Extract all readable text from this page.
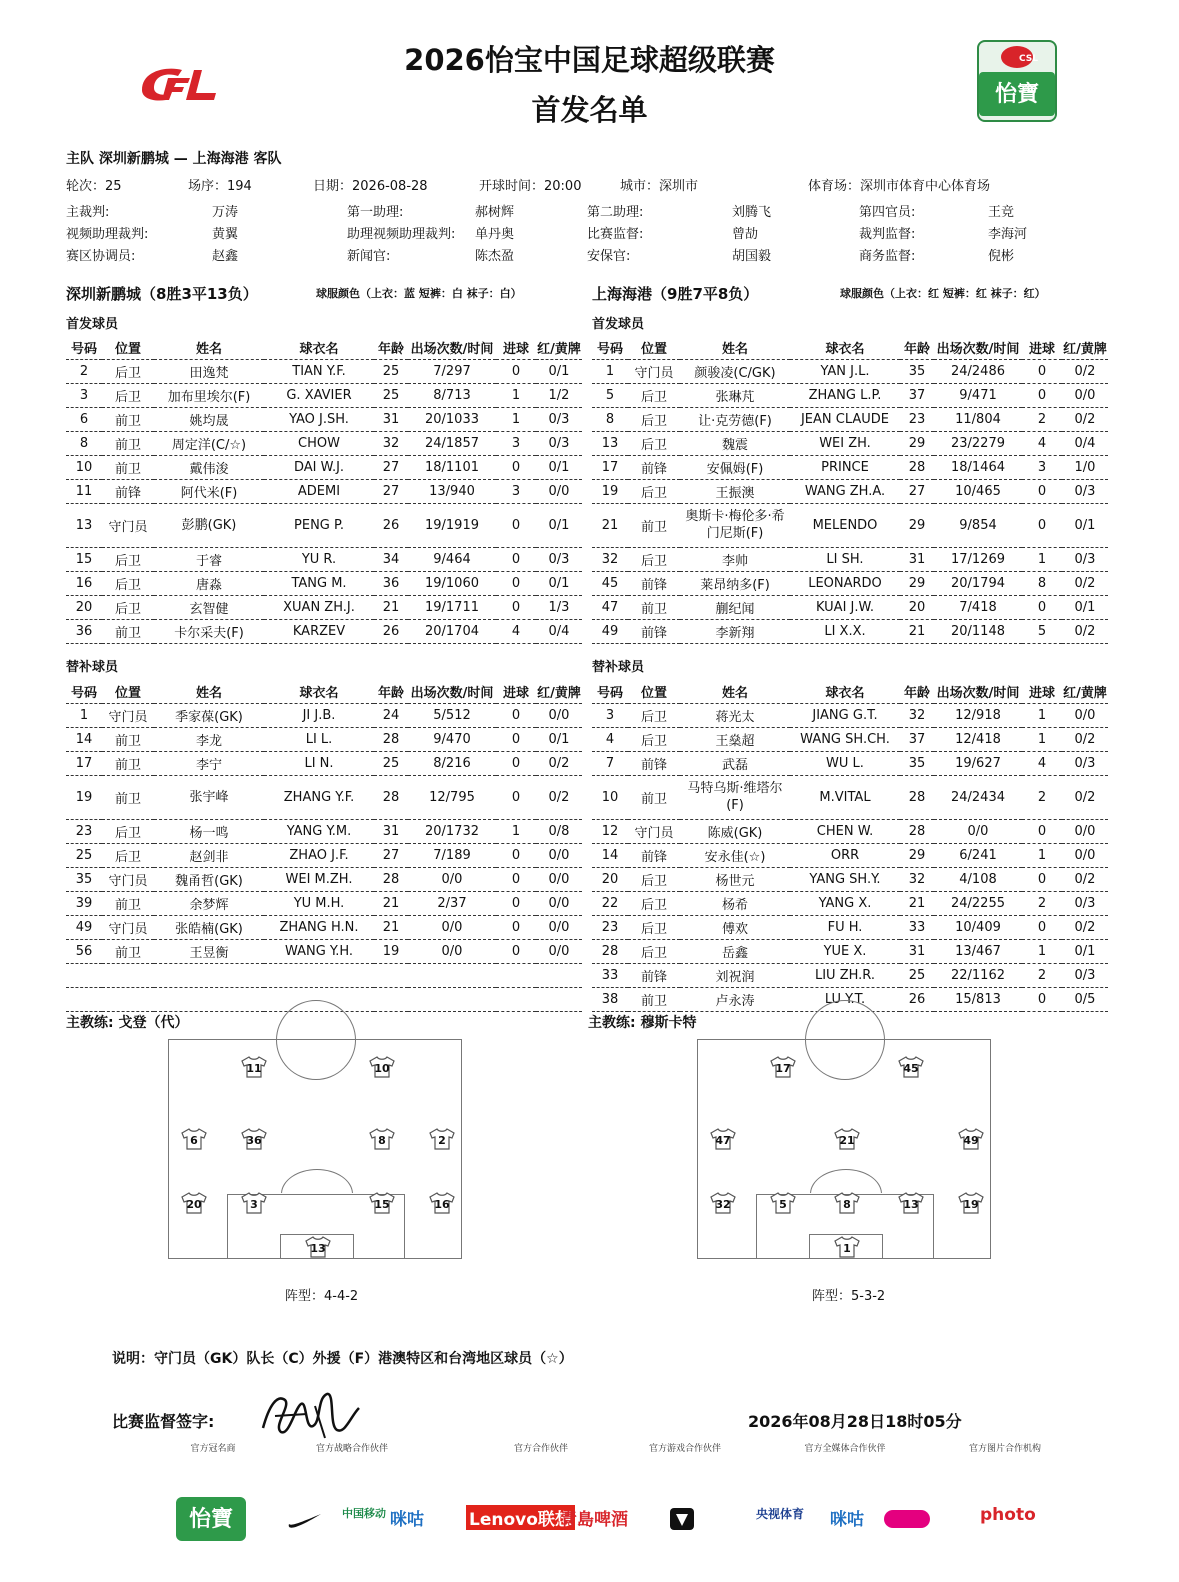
2026怡宝中国足球超级联赛
首发名单
CSL
怡寶
主队 深圳新鹏城 — 上海海港 客队
轮次：25	场序：194	日期：2026-08-28	开球时间：20:00	城市：深圳市	体育场：深圳市体育中心体育场
主裁判:	万涛	第一助理:	郝树辉	第二助理:	刘腾飞	第四官员:	王竞
视频助理裁判:	黄翼	助理视频助理裁判: 单丹奥	比赛监督:	曾劼	裁判监督:	李海河
赛区协调员:	赵鑫	新闻官:	陈杰盈	安保官:	胡国毅	商务监督:	倪彬
深圳新鹏城（8胜3平13负）	球服颜色（上衣：蓝 短裤：白 袜子：白）	上海海港（9胜7平8负）	球服颜色（上衣：红 短裤：红 袜子：红）
首发球员	首发球员
号码	位置	姓名	球衣名	年龄	出场次数/时间	进球	红/黄牌
2	后卫	田逸梵	TIAN Y.F.	25	7/297	0	0/1
3	后卫	加布里埃尔(F)	G. XAVIER	25	8/713	1	1/2
6	前卫	姚均晟	YAO J.SH.	31	20/1033	1	0/3
8	前卫	周定洋(C/☆)	CHOW	32	24/1857	3	0/3
10	前卫	戴伟浚	DAI W.J.	27	18/1101	0	0/1
11	前锋	阿代米(F)	ADEMI	27	13/940	3	0/0
13	守门员	彭鹏(GK)	PENG P.	26	19/1919	0	0/1
15	后卫	于睿	YU R.	34	9/464	0	0/3
16	后卫	唐淼	TANG M.	36	19/1060	0	0/1
20	后卫	玄智健	XUAN ZH.J.	21	19/1711	0	1/3
36	前卫	卡尔采夫(F)	KARZEV	26	20/1704	4	0/4
号码	位置	姓名	球衣名	年龄	出场次数/时间	进球	红/黄牌
1	守门员	颜骏凌(C/GK)	YAN J.L.	35	24/2486	0	0/2
5	后卫	张琳芃	ZHANG L.P.	37	9/471	0	0/0
8	后卫	让·克劳德(F)	JEAN CLAUDE	23	11/804	2	0/2
13	后卫	魏震	WEI ZH.	29	23/2279	4	0/4
17	前锋	安佩姆(F)	PRINCE	28	18/1464	3	1/0
19	后卫	王振澳	WANG ZH.A.	27	10/465	0	0/3
21	前卫	奥斯卡·梅伦多·希门尼斯(F)	MELENDO	29	9/854	0	0/1
32	后卫	李帅	LI SH.	31	17/1269	1	0/3
45	前锋	莱昂纳多(F)	LEONARDO	29	20/1794	8	0/2
47	前卫	蒯纪闻	KUAI J.W.	20	7/418	0	0/1
49	前锋	李新翔	LI X.X.	21	20/1148	5	0/2
替补球员	替补球员
号码	位置	姓名	球衣名	年龄	出场次数/时间	进球	红/黄牌
1	守门员	季家葆(GK)	JI J.B.	24	5/512	0	0/0
14	前卫	李龙	LI L.	28	9/470	0	0/1
17	前卫	李宁	LI N.	25	8/216	0	0/2
19	前卫	张宇峰	ZHANG Y.F.	28	12/795	0	0/2
23	后卫	杨一鸣	YANG Y.M.	31	20/1732	1	0/8
25	后卫	赵剑非	ZHAO J.F.	27	7/189	0	0/0
35	守门员	魏甬哲(GK)	WEI M.ZH.	28	0/0	0	0/0
39	前卫	余梦辉	YU M.H.	21	2/37	0	0/0
49	守门员	张皓楠(GK)	ZHANG H.N.	21	0/0	0	0/0
56	前卫	王昱衡	WANG Y.H.	19	0/0	0	0/0

号码	位置	姓名	球衣名	年龄	出场次数/时间	进球	红/黄牌
3	后卫	蒋光太	JIANG G.T.	32	12/918	1	0/0
4	后卫	王燊超	WANG SH.CH.	37	12/418	1	0/2
7	前锋	武磊	WU L.	35	19/627	4	0/3
10	前卫	马特乌斯·维塔尔(F)	M.VITAL	28	24/2434	2	0/2
12	守门员	陈威(GK)	CHEN W.	28	0/0	0	0/0
14	前锋	安永佳(☆)	ORR	29	6/241	1	0/0
20	后卫	杨世元	YANG SH.Y.	32	4/108	0	0/2
22	后卫	杨希	YANG X.	21	24/2255	2	0/3
23	后卫	傅欢	FU H.	33	10/409	0	0/2
28	后卫	岳鑫	YUE X.	31	13/467	1	0/1
33	前锋	刘祝润	LIU ZH.R.	25	22/1162	2	0/3
38	前卫	卢永涛	LU Y.T.	26	15/813	0	0/5
主教练: 戈登（代）	主教练: 穆斯卡特
11	10
6	36	8	2
20	3	15	16
13
17	45
47	21	49
32	5	8	13	19
1
阵型：4-4-2	阵型：5-3-2
说明：守门员（GK）队长（C）外援（F）港澳特区和台湾地区球员（☆）
比赛监督签字:	2026年08月28日18时05分
官方冠名商	官方战略合作伙伴	官方合作伙伴	官方游戏合作伙伴	官方全媒体合作伙伴	官方图片合作机构
怡寶	中国移动 咪咕	Lenovo联想
青島啤酒	央视体育 咪咕	photo
